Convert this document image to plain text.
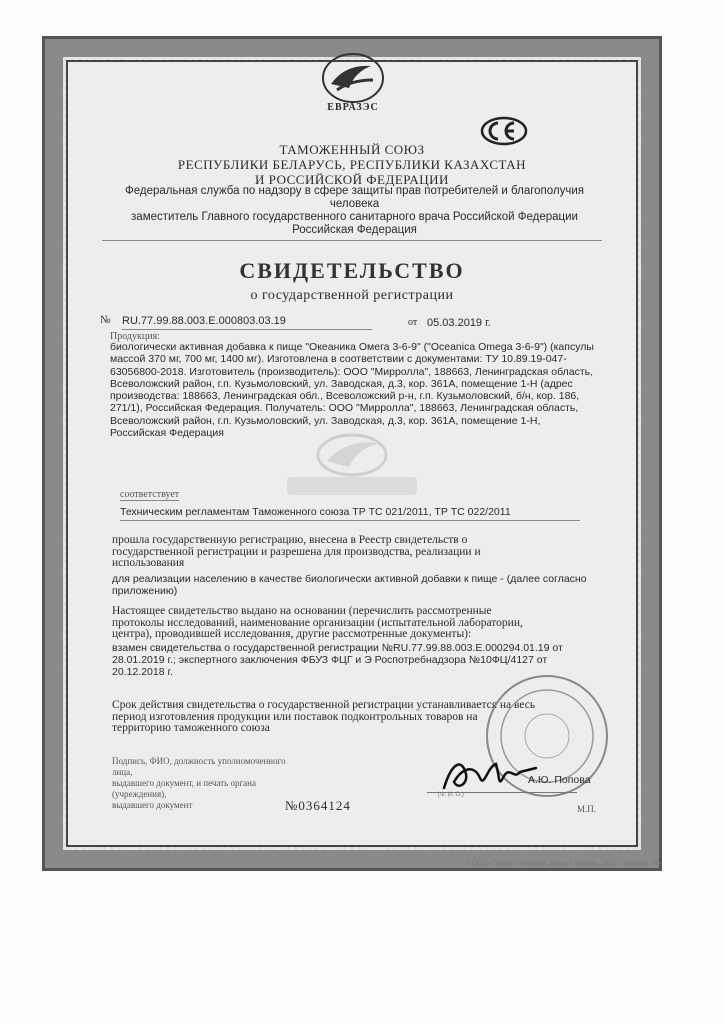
ЕВРАЗЭС
ТАМОЖЕННЫЙ СОЮЗ
РЕСПУБЛИКИ БЕЛАРУСЬ, РЕСПУБЛИКИ КАЗАХСТАН
И РОССИЙСКОЙ ФЕДЕРАЦИИ
Федеральная служба по надзору в сфере защиты прав потребителей и благополучия человека
заместитель Главного государственного санитарного врача Российской Федерации
Российская Федерация
СВИДЕТЕЛЬСТВО
о государственной регистрации
№ RU.77.99.88.003.Е.000803.03.19	от 05.03.2019 г.
Продукция:
биологически активная добавка к пище "Океаника Омега 3-6-9" ("Oceanica Omega 3-6-9") (капсулы
массой 370 мг, 700 мг, 1400 мг). Изготовлена в соответствии с документами: ТУ 10.89.19-047-
63056800-2018. Изготовитель (производитель): ООО "Мирролла", 188663, Ленинградская область,
Всеволожский район, г.п. Кузьмоловский, ул. Заводская, д.3, кор. 361А, помещение 1-Н (адрес
производства: 188663, Ленинградская обл., Всеволожский р-н, г.п. Кузьмоловский, б/н, кор. 186,
271/1), Российская Федерация. Получатель: ООО "Мирролла", 188663, Ленинградская область,
Всеволожский район, г.п. Кузьмоловский, ул. Заводская, д.3, кор. 361А, помещение 1-Н,
Российская Федерация
соответствует
Техническим регламентам Таможенного союза ТР ТС 021/2011, ТР ТС 022/2011
прошла государственную регистрацию, внесена в Реестр свидетельств о
государственной регистрации и разрешена для производства, реализации и
использования
для реализации населению в качестве биологически активной добавки к пище - (далее согласно
приложению)
Настоящее свидетельство выдано на основании (перечислить рассмотренные
протоколы исследований, наименование организации (испытательной лаборатории,
центра), проводившей исследования, другие рассмотренные документы):
взамен свидетельства о государственной регистрации №RU.77.99.88.003.Е.000294.01.19 от
28.01.2019 г.; экспертного заключения ФБУЗ ФЦГ и Э Роспотребнадзора №10ФЦ/4127 от
20.12.2018 г.
Срок действия свидетельства о государственной регистрации устанавливается на весь
период изготовления продукции или поставок подконтрольных товаров на
территорию таможенного союза
Подпись, ФИО, должность уполномоченного лица,
выдавшего документ, и печать органа (учреждения),
выдавшего документ
А.Ю. Попова
(Ф. И. О.)
№0364124	М.П.
© ООО «Первый печатный двор», г. Москва, 2019 г., уровень «В»
